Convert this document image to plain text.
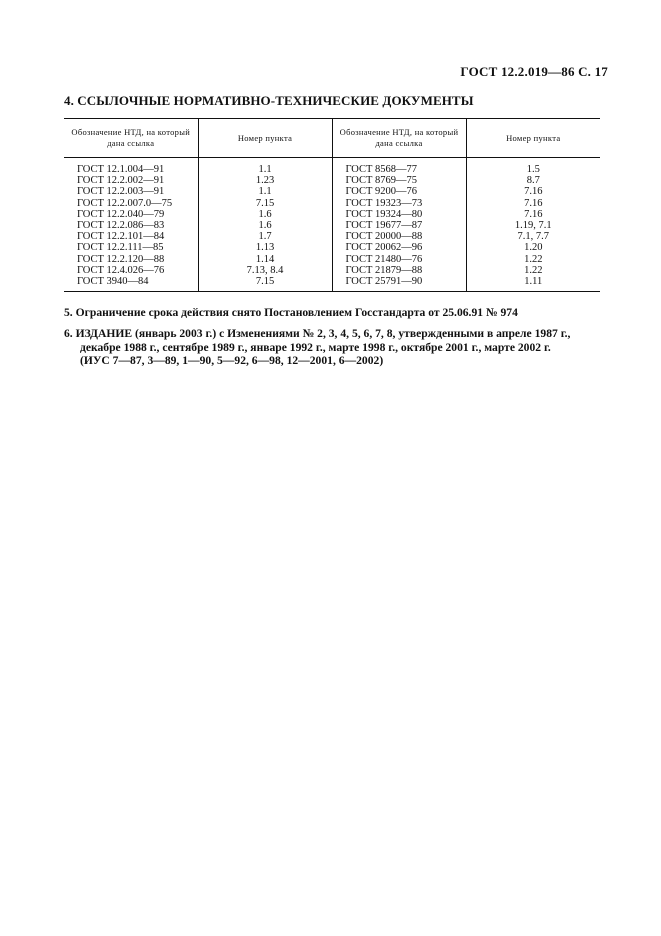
ГОСТ 12.2.019—86 С. 17
4. ССЫЛОЧНЫЕ НОРМАТИВНО-ТЕХНИЧЕСКИЕ ДОКУМЕНТЫ
Обозначение НТД, на который дана ссылка	Номер пункта	Обозначение НТД, на который дана ссылка	Номер пункта
ГОСТ 12.1.004—91	1.1	ГОСТ 8568—77	1.5
ГОСТ 12.2.002—91	1.23	ГОСТ 8769—75	8.7
ГОСТ 12.2.003—91	1.1	ГОСТ 9200—76	7.16
ГОСТ 12.2.007.0—75	7.15	ГОСТ 19323—73	7.16
ГОСТ 12.2.040—79	1.6	ГОСТ 19324—80	7.16
ГОСТ 12.2.086—83	1.6	ГОСТ 19677—87	1.19, 7.1
ГОСТ 12.2.101—84	1.7	ГОСТ 20000—88	7.1, 7.7
ГОСТ 12.2.111—85	1.13	ГОСТ 20062—96	1.20
ГОСТ 12.2.120—88	1.14	ГОСТ 21480—76	1.22
ГОСТ 12.4.026—76	7.13, 8.4	ГОСТ 21879—88	1.22
ГОСТ 3940—84	7.15	ГОСТ 25791—90	1.11
5. Ограничение срока действия снято Постановлением Госстандарта от 25.06.91 № 974
6. ИЗДАНИЕ (январь 2003 г.) с Изменениями № 2, 3, 4, 5, 6, 7, 8, утвержденными в апреле 1987 г.,
декабре 1988 г., сентябре 1989 г., январе 1992 г., марте 1998 г., октябре 2001 г., марте 2002 г.
(ИУС 7—87, 3—89, 1—90, 5—92, 6—98, 12—2001, 6—2002)
